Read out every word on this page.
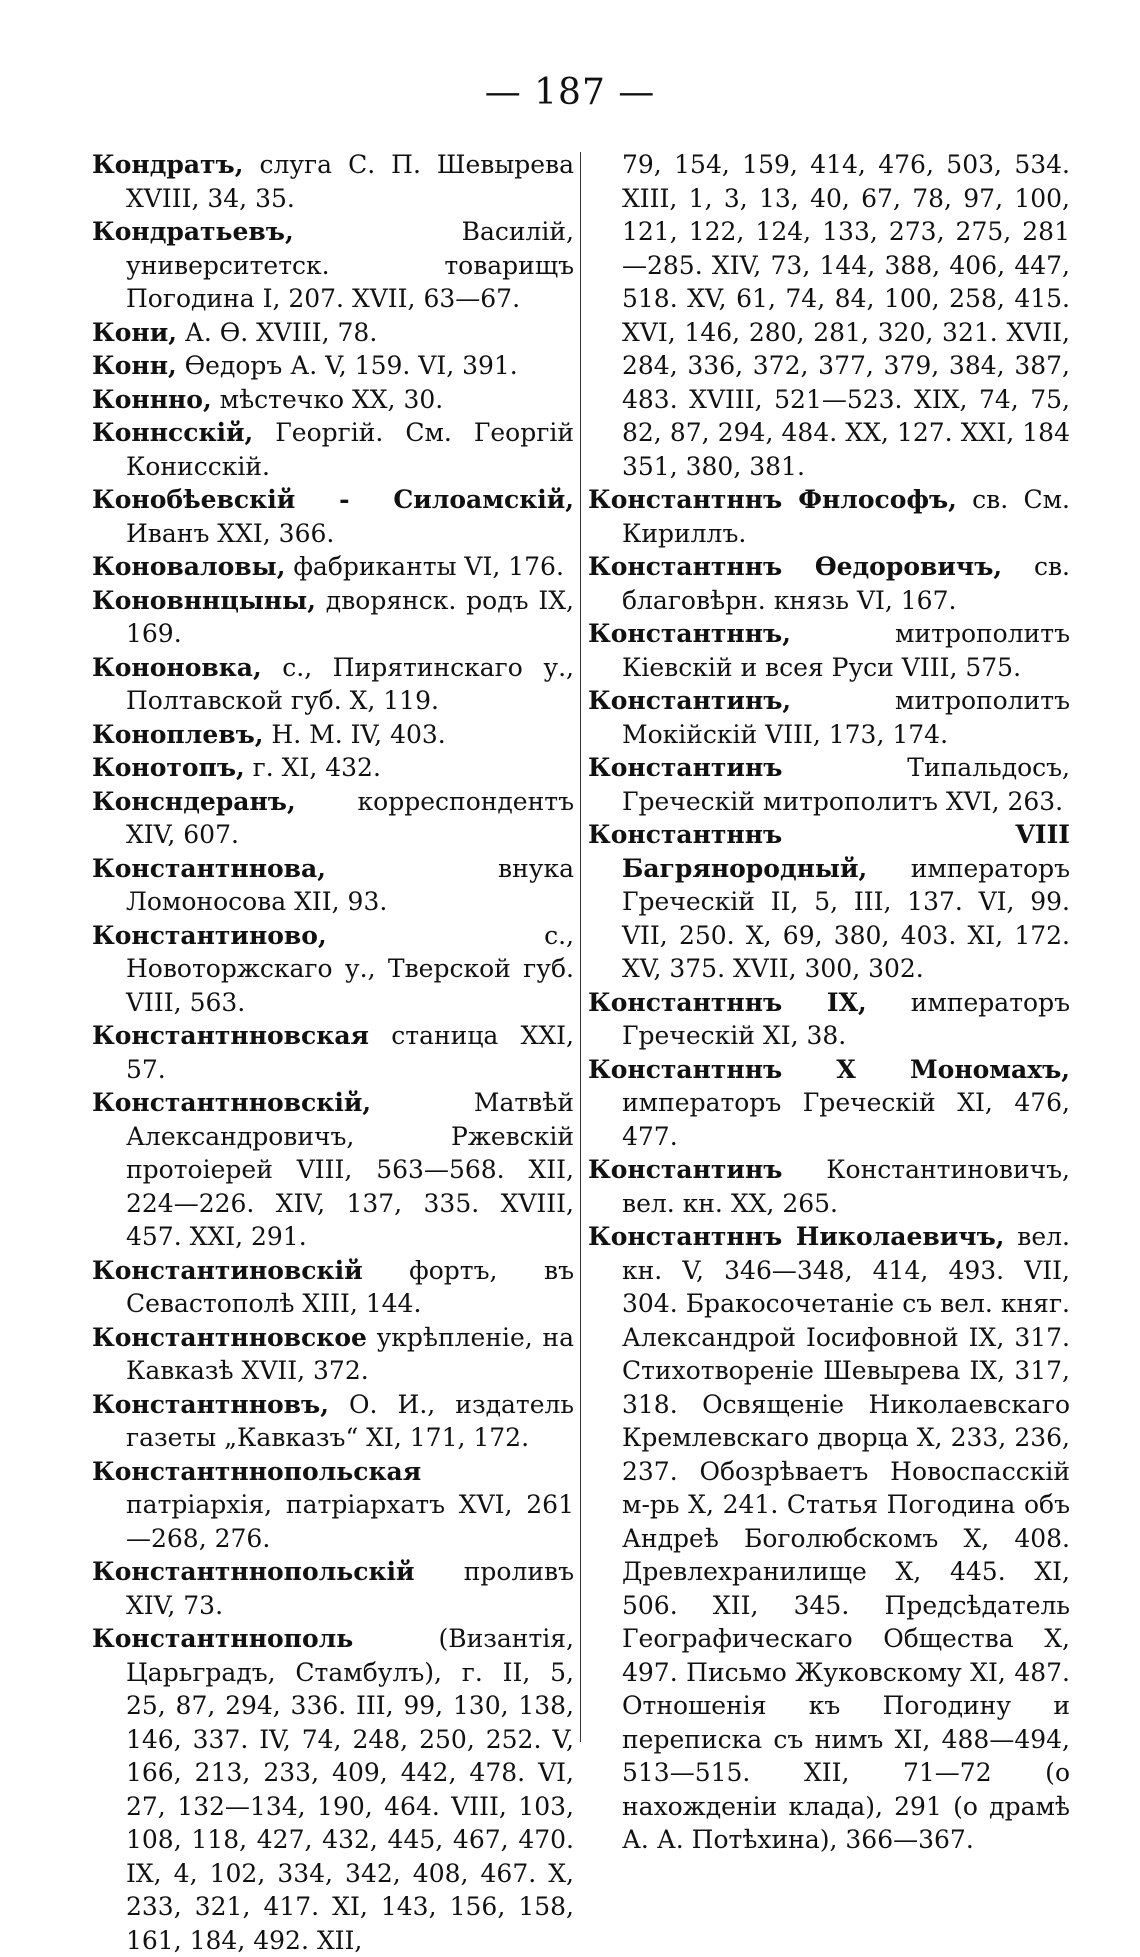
— 187 —

Кондратъ, слуга С. П. Шевырева XVIII, 34, 35.

Кондратьевъ, Василій, университетск. товарищъ Погодина I, 207. XVII, 63—67.

Кони, А. Ѳ. XVIII, 78.

Конн, Ѳедоръ А. V, 159. VI, 391.

Коннно, мѣстечко XX, 30.

Коннсскій, Георгій. См. Георгій Конисскій.

Конобѣевскій - Силоамскій, Иванъ XXI, 366.

Коноваловы, фабриканты VI, 176.

Коновннцыны, дворянск. родъ IX, 169.

Кононовка, с., Пирятинскаго у., Полтавской губ. X, 119.

Коноплевъ, Н. М. IV, 403.

Конотопъ, г. XI, 432.

Консндеранъ, корреспондентъ XIV, 607.

Константннова, внука Ломоносова XII, 93.

Константиново, с., Новоторжскаго у., Тверской губ. VIII, 563.

Константнновская станица XXI, 57.

Константнновскій, Матвѣй Александровичъ, Ржевскій протоіерей VIII, 563—568. XII, 224—226. XIV, 137, 335. XVIII, 457. XXI, 291.

Константиновскій фортъ, въ Севастополѣ XIII, 144.

Константнновское укрѣпленіе, на Кавказѣ XVII, 372.

Константнновъ, О. И., издатель газеты „Кавказъ“ XI, 171, 172.

Константннопольская патріархія, патріархатъ XVI, 261—268, 276.

Константннопольскій проливъ XIV, 73.

Константннополь (Византія, Царьградъ, Стамбулъ), г. II, 5, 25, 87, 294, 336. III, 99, 130, 138, 146, 337. IV, 74, 248, 250, 252. V, 166, 213, 233, 409, 442, 478. VI, 27, 132—134, 190, 464. VIII, 103, 108, 118, 427, 432, 445, 467, 470. IX, 4, 102, 334, 342, 408, 467. X, 233, 321, 417. XI, 143, 156, 158, 161, 184, 492. XII,

79, 154, 159, 414, 476, 503, 534. XIII, 1, 3, 13, 40, 67, 78, 97, 100, 121, 122, 124, 133, 273, 275, 281—285. XIV, 73, 144, 388, 406, 447, 518. XV, 61, 74, 84, 100, 258, 415. XVI, 146, 280, 281, 320, 321. XVII, 284, 336, 372, 377, 379, 384, 387, 483. XVIII, 521—523. XIX, 74, 75, 82, 87, 294, 484. XX, 127. XXI, 184 351, 380, 381.

Константннъ Фнлософъ, св. См. Кириллъ.

Константннъ Ѳедоровичъ, св. благовѣрн. князь VI, 167.

Константннъ, митрополитъ Кіевскій и всея Руси VIII, 575.

Константинъ, митрополитъ Мокійскій VIII, 173, 174.

Константинъ Типальдосъ, Греческій митрополитъ XVI, 263.

Константннъ VIII Багрянородный, императоръ Греческій II, 5, III, 137. VI, 99. VII, 250. X, 69, 380, 403. XI, 172. XV, 375. XVII, 300, 302.

Константннъ IX, императоръ Греческій XI, 38.

Константннъ X Мономахъ, императоръ Греческій XI, 476, 477.

Константинъ Константиновичъ, вел. кн. XX, 265.

Константннъ Николаевичъ, вел. кн. V, 346—348, 414, 493. VII, 304. Бракосочетаніе съ вел. княг. Александрой Іосифовной IX, 317. Стихотвореніе Шевырева IX, 317, 318. Освященіе Николаевскаго Кремлевскаго дворца X, 233, 236, 237. Обозрѣваетъ Новоспасскій м-рь X, 241. Статья Погодина объ Андреѣ Боголюбскомъ X, 408. Древлехранилище X, 445. XI, 506. XII, 345. Предсѣдатель Географическаго Общества X, 497. Письмо Жуковскому XI, 487. Отношенія къ Погодину и переписка съ нимъ XI, 488—494, 513—515. XII, 71—72 (о нахожденіи клада), 291 (о драмѣ А. А. Потѣхина), 366—367.
